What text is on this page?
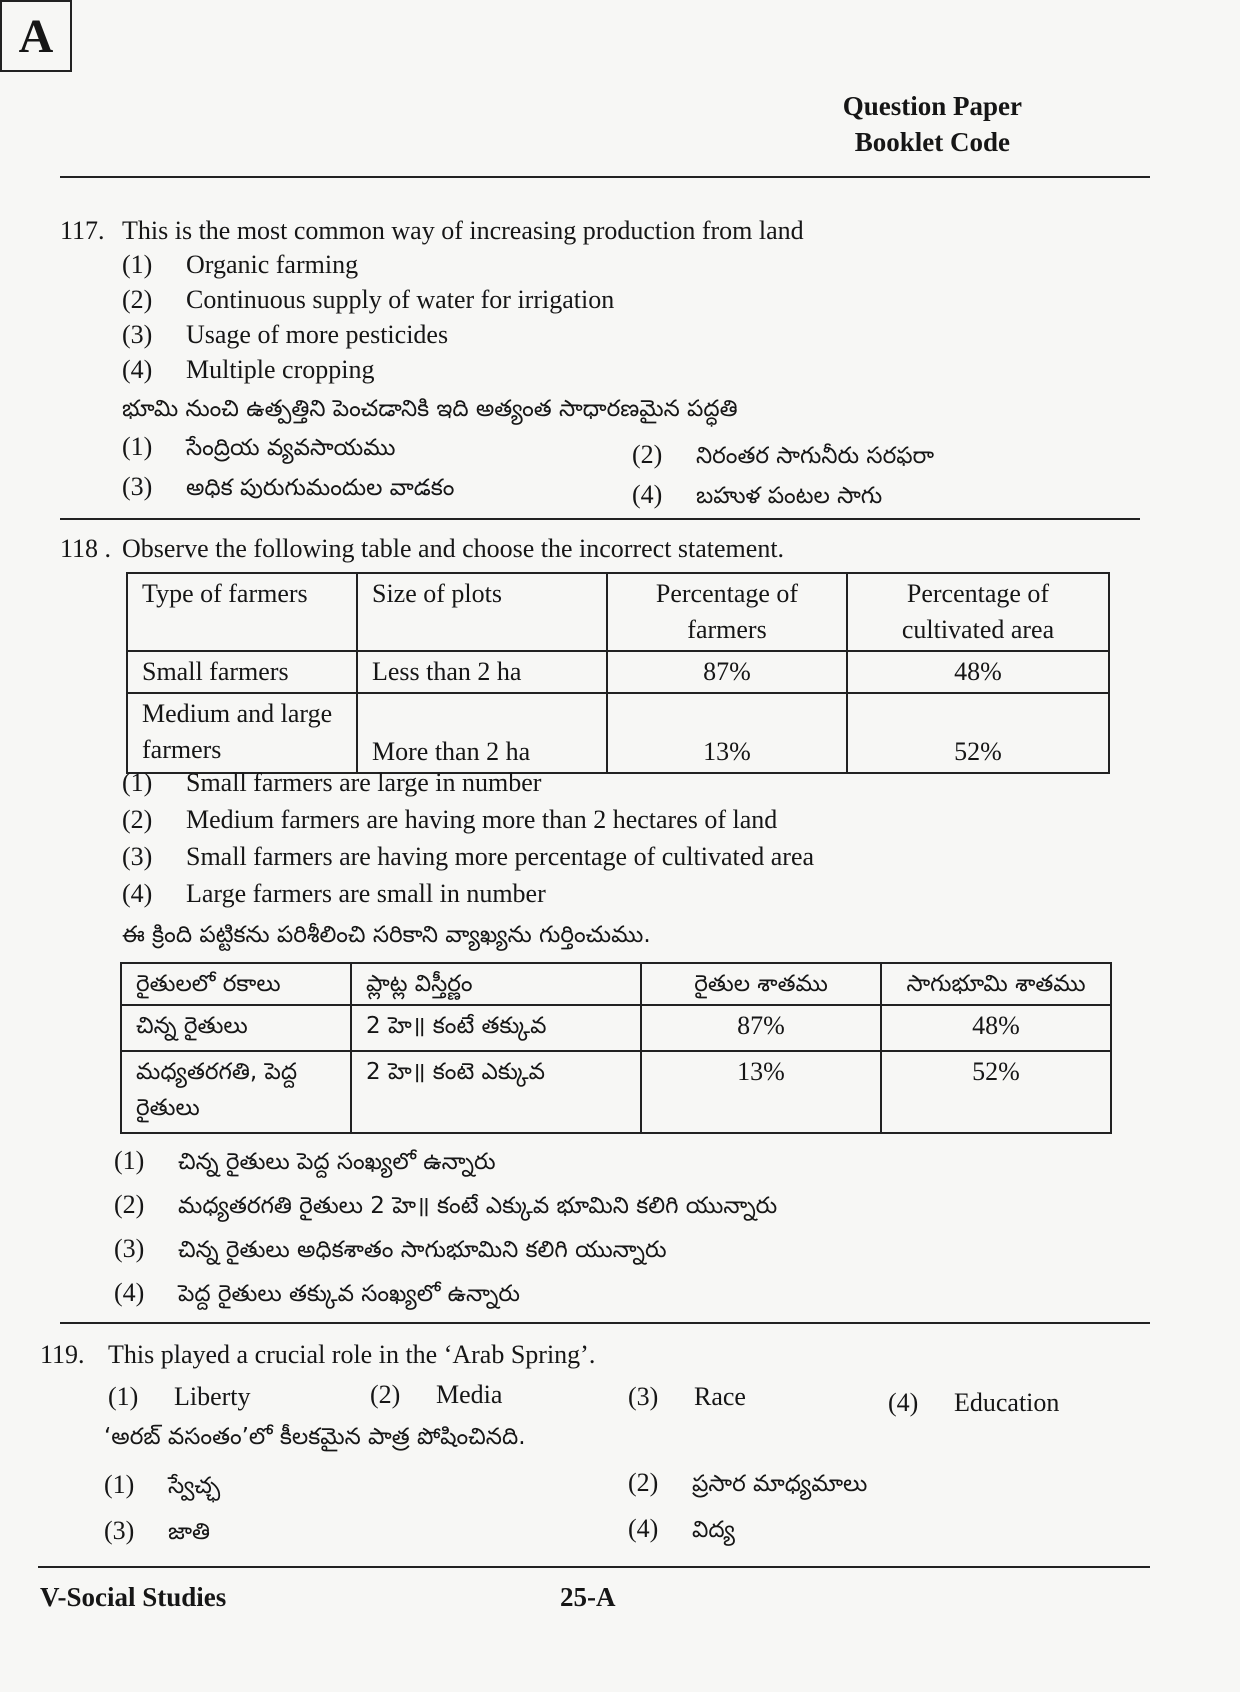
Question Paper
Booklet Code
A
117. This is the most common way of increasing production from land
(1) Organic farming
(2) Continuous supply of water for irrigation
(3) Usage of more pesticides
(4) Multiple cropping
భూమి నుంచి ఉత్పత్తిని పెంచడానికి ఇది అత్యంత సాధారణమైన పద్ధతి
(1) సేంద్రియ వ్యవసాయము	(2) నిరంతర సాగునీరు సరఫరా
(3) అధిక పురుగుమందుల వాడకం	(4) బహుళ పంటల సాగు
118 . Observe the following table and choose the incorrect statement.
Type of farmers	Size of plots	Percentage of farmers	Percentage of cultivated area
Small farmers	Less than 2 ha	87%	48%
Medium and large farmers	More than 2 ha	13%	52%
(1) Small farmers are large in number
(2) Medium farmers are having more than 2 hectares of land
(3) Small farmers are having more percentage of cultivated area
(4) Large farmers are small in number
ఈ క్రింది పట్టికను పరిశీలించి సరికాని వ్యాఖ్యను గుర్తించుము.
రైతులలో రకాలు	ప్లాట్ల విస్తీర్ణం	రైతుల శాతము	సాగుభూమి శాతము
చిన్న రైతులు	2 హె॥ కంటే తక్కువ	87%	48%
మధ్యతరగతి, పెద్ద రైతులు	2 హె॥ కంటె ఎక్కువ	13%	52%
(1) చిన్న రైతులు పెద్ద సంఖ్యలో ఉన్నారు
(2) మధ్యతరగతి రైతులు 2 హె॥ కంటే ఎక్కువ భూమిని కలిగి యున్నారు
(3) చిన్న రైతులు అధికశాతం సాగుభూమిని కలిగి యున్నారు
(4) పెద్ద రైతులు తక్కువ సంఖ్యలో ఉన్నారు
119. This played a crucial role in the ‘Arab Spring’.
(1) Liberty	(2) Media	(3) Race	(4) Education
‘అరబ్ వసంతం’లో కీలకమైన పాత్ర పోషించినది.
(1) స్వేచ్ఛ	(2) ప్రసార మాధ్యమాలు
(3) జాతి	(4) విద్య
V-Social Studies	25-A
